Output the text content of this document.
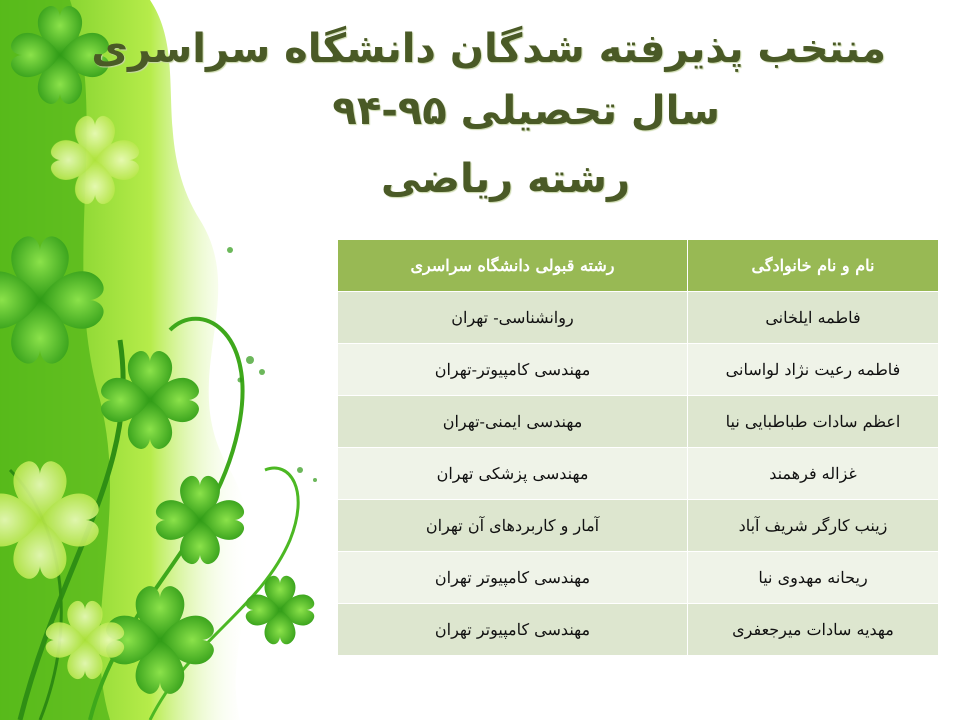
منتخب پذیرفته شدگان دانشگاه سراسری
سال تحصیلی ۹۵-۹۴
رشته ریاضی
نام و نام خانوادگی	رشته قبولی دانشگاه سراسری
فاطمه ایلخانی	روانشناسی- تهران
فاطمه رعیت نژاد لواسانی	مهندسی کامپیوتر-تهران
اعظم سادات طباطبایی نیا	مهندسی ایمنی-تهران
غزاله فرهمند	مهندسی پزشکی تهران
زینب کارگر شریف آباد	آمار و کاربردهای آن تهران
ریحانه مهدوی نیا	مهندسی کامپیوتر تهران
مهدیه سادات میرجعفری	مهندسی کامپیوتر تهران
